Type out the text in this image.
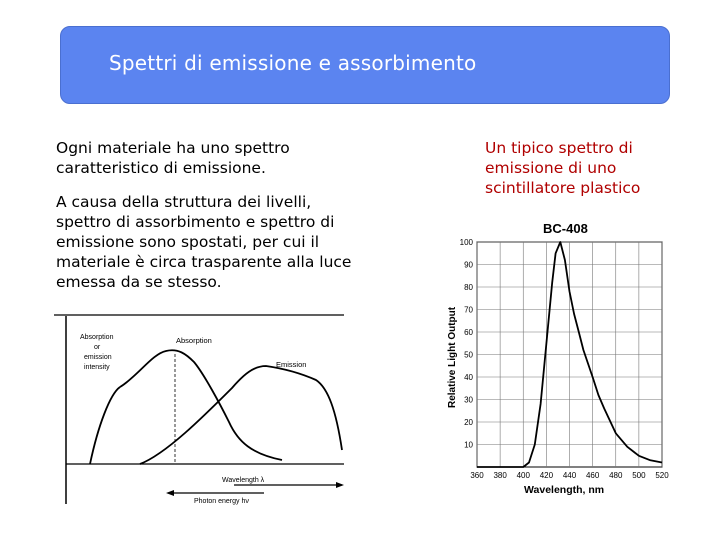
Spettri di emissione e assorbimento

Ogni materiale ha uno spettro caratteristico di emissione.

A causa della struttura dei livelli, spettro di assorbimento e spettro di emissione sono spostati, per cui il materiale è circa trasparente alla luce emessa da se stesso.

Un tipico spettro di emissione di uno scintillatore plastico
Absorption
or
emission
intensity
Absorption
Emission
Wavelength λ
Photon energy hν
BC-408
Relative Light Output
Wavelength, nm
360 380 400 420 440 460 480 500 520
10
20
30
40
50
60
70
80
90
100
